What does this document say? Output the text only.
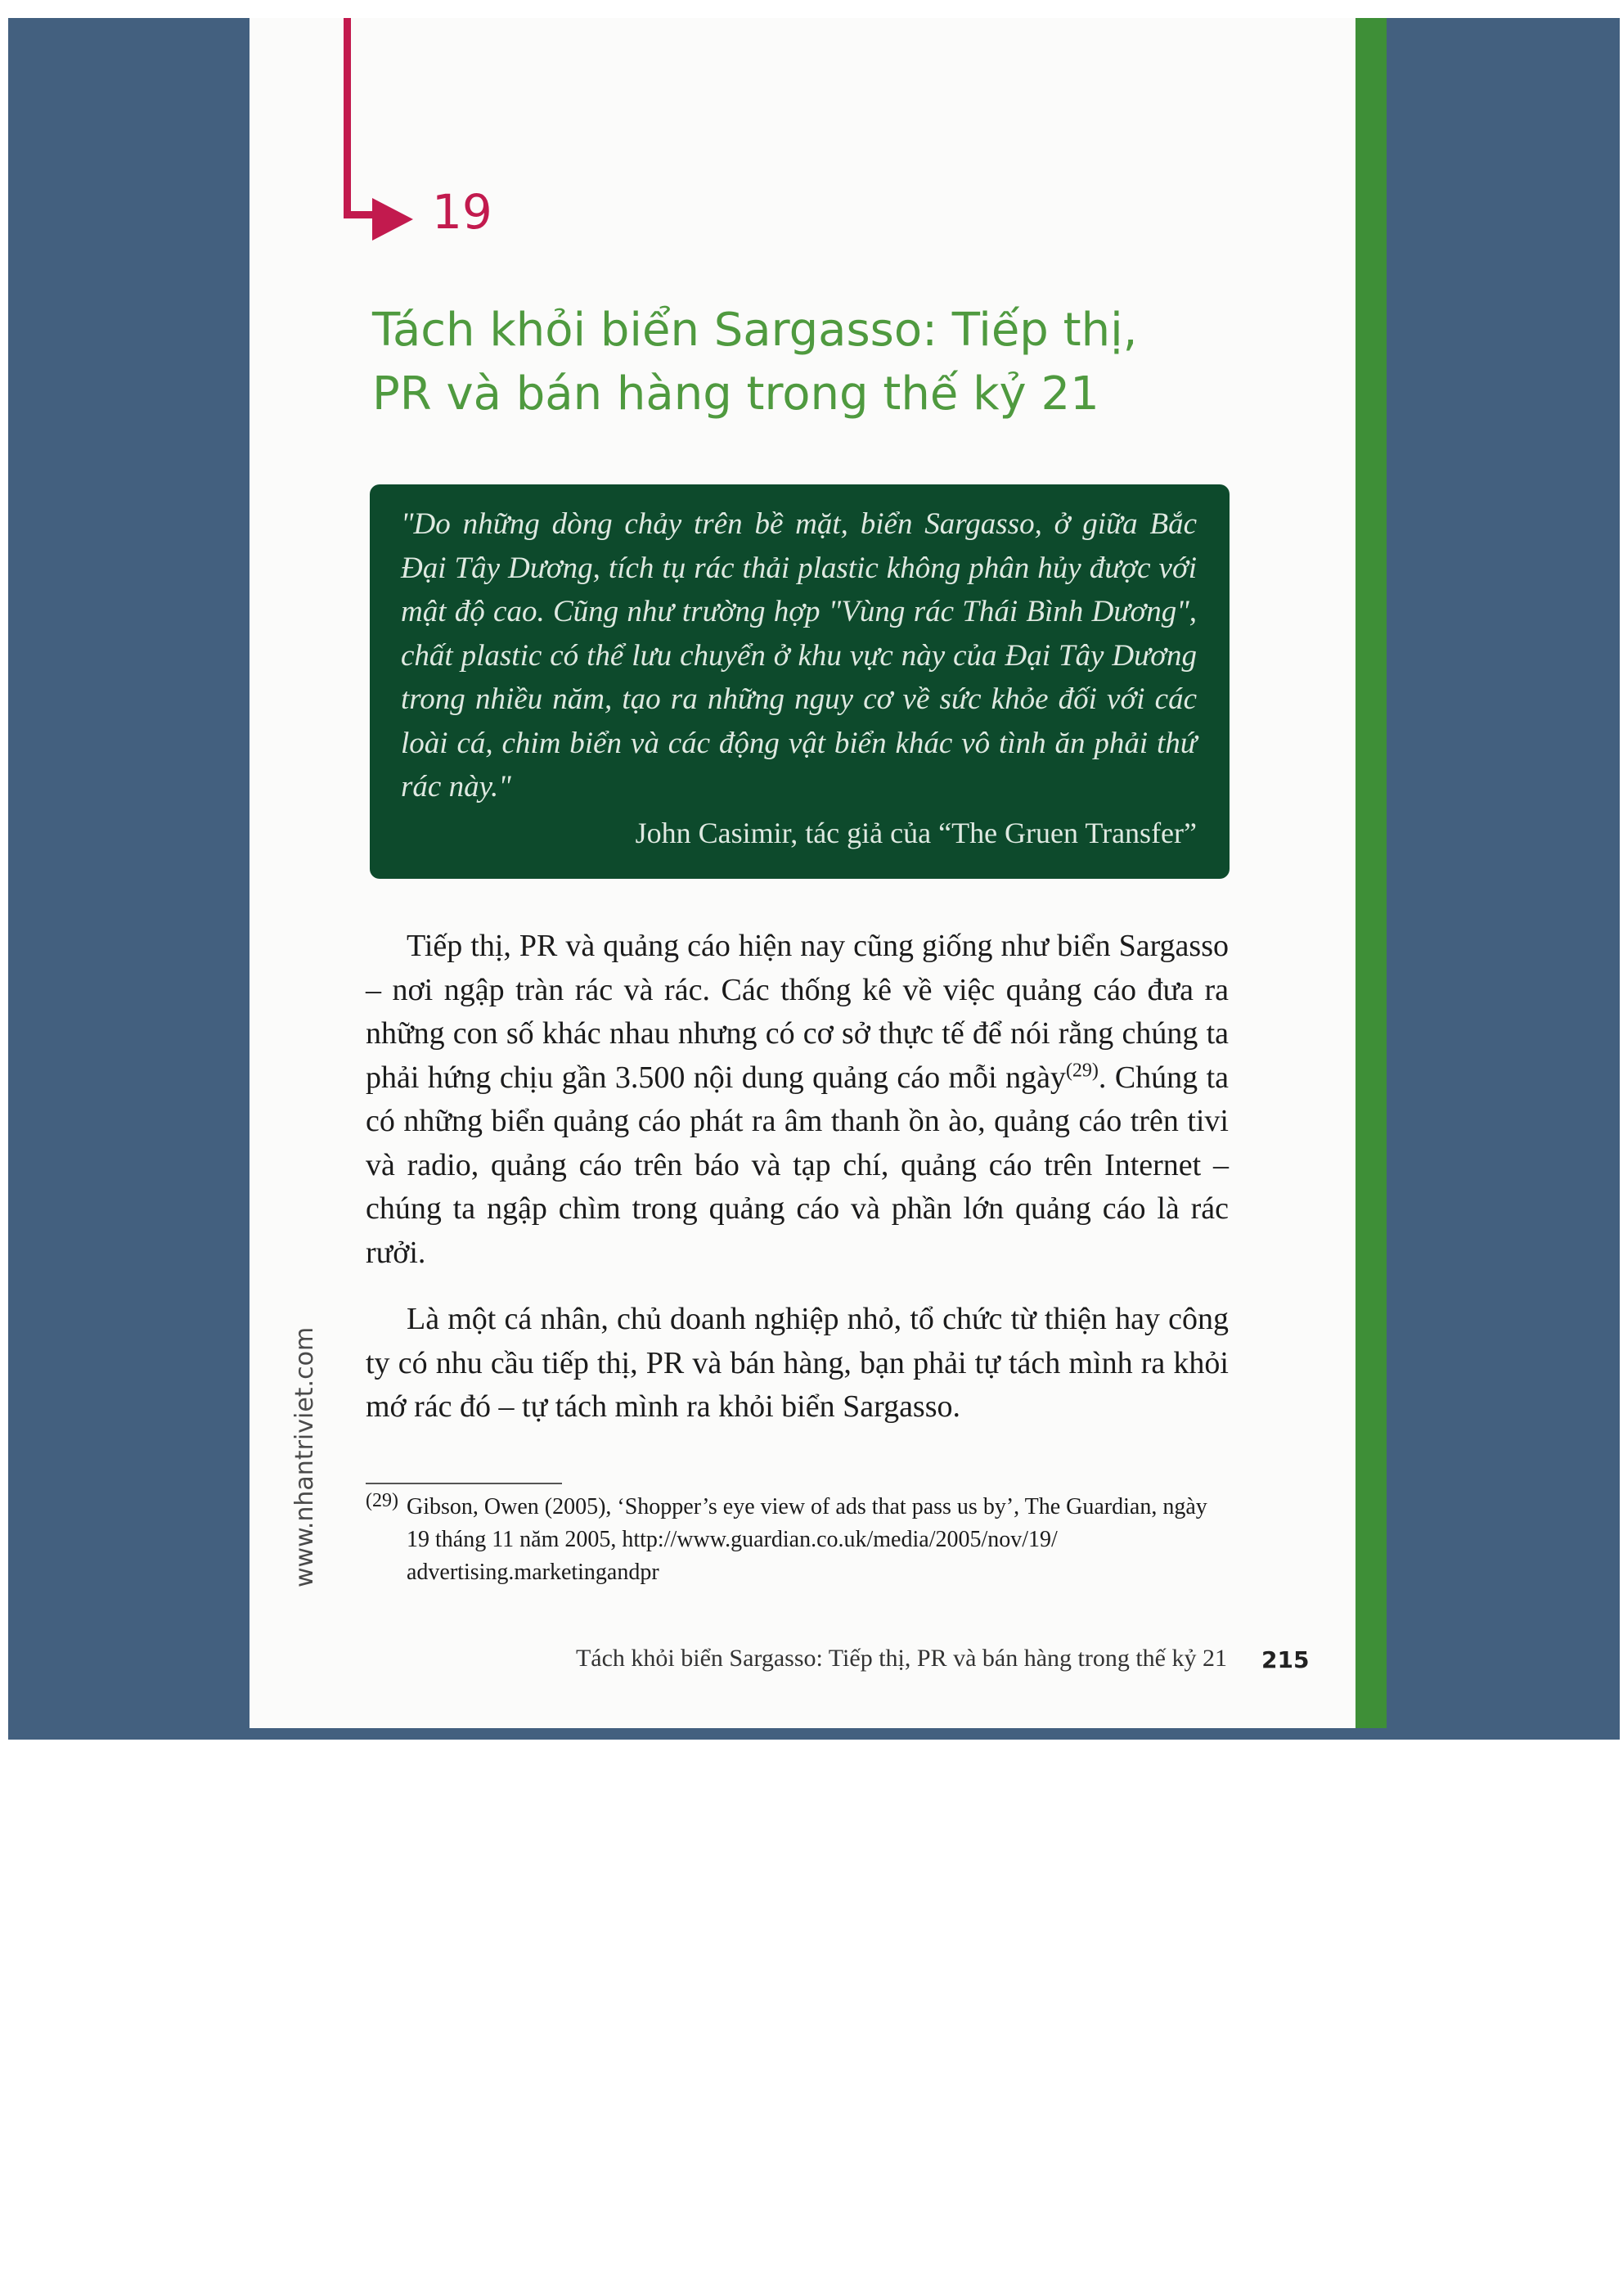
19
Tách khỏi biển Sargasso: Tiếp thị,
PR và bán hàng trong thế kỷ 21

"Do những dòng chảy trên bề mặt, biển Sargasso, ở giữa Bắc Đại Tây Dương, tích tụ rác thải plastic không phân hủy được với mật độ cao. Cũng như trường hợp "Vùng rác Thái Bình Dương", chất plastic có thể lưu chuyển ở khu vực này của Đại Tây Dương trong nhiều năm, tạo ra những nguy cơ về sức khỏe đối với các loài cá, chim biển và các động vật biển khác vô tình ăn phải thứ rác này."

John Casimir, tác giả của “The Gruen Transfer”

Tiếp thị, PR và quảng cáo hiện nay cũng giống như biển Sargasso – nơi ngập tràn rác và rác. Các thống kê về việc quảng cáo đưa ra những con số khác nhau nhưng có cơ sở thực tế để nói rằng chúng ta phải hứng chịu gần 3.500 nội dung quảng cáo mỗi ngày$^{(29)}$. Chúng ta có những biển quảng cáo phát ra âm thanh ồn ào, quảng cáo trên tivi và radio, quảng cáo trên báo và tạp chí, quảng cáo trên Internet – chúng ta ngập chìm trong quảng cáo và phần lớn quảng cáo là rác rưởi.

Là một cá nhân, chủ doanh nghiệp nhỏ, tổ chức từ thiện hay công ty có nhu cầu tiếp thị, PR và bán hàng, bạn phải tự tách mình ra khỏi mớ rác đó – tự tách mình ra khỏi biển Sargasso.

www.nhantriviet.com (29) Gibson, Owen (2005), ‘Shopper’s eye view of ads that pass us by’, The Guardian, ngày 19 tháng 11 năm 2005, http://www.guardian.co.uk/media/2005/nov/19/ advertising.marketingandpr
Tách khỏi biển Sargasso: Tiếp thị, PR và bán hàng trong thế kỷ 21 215
